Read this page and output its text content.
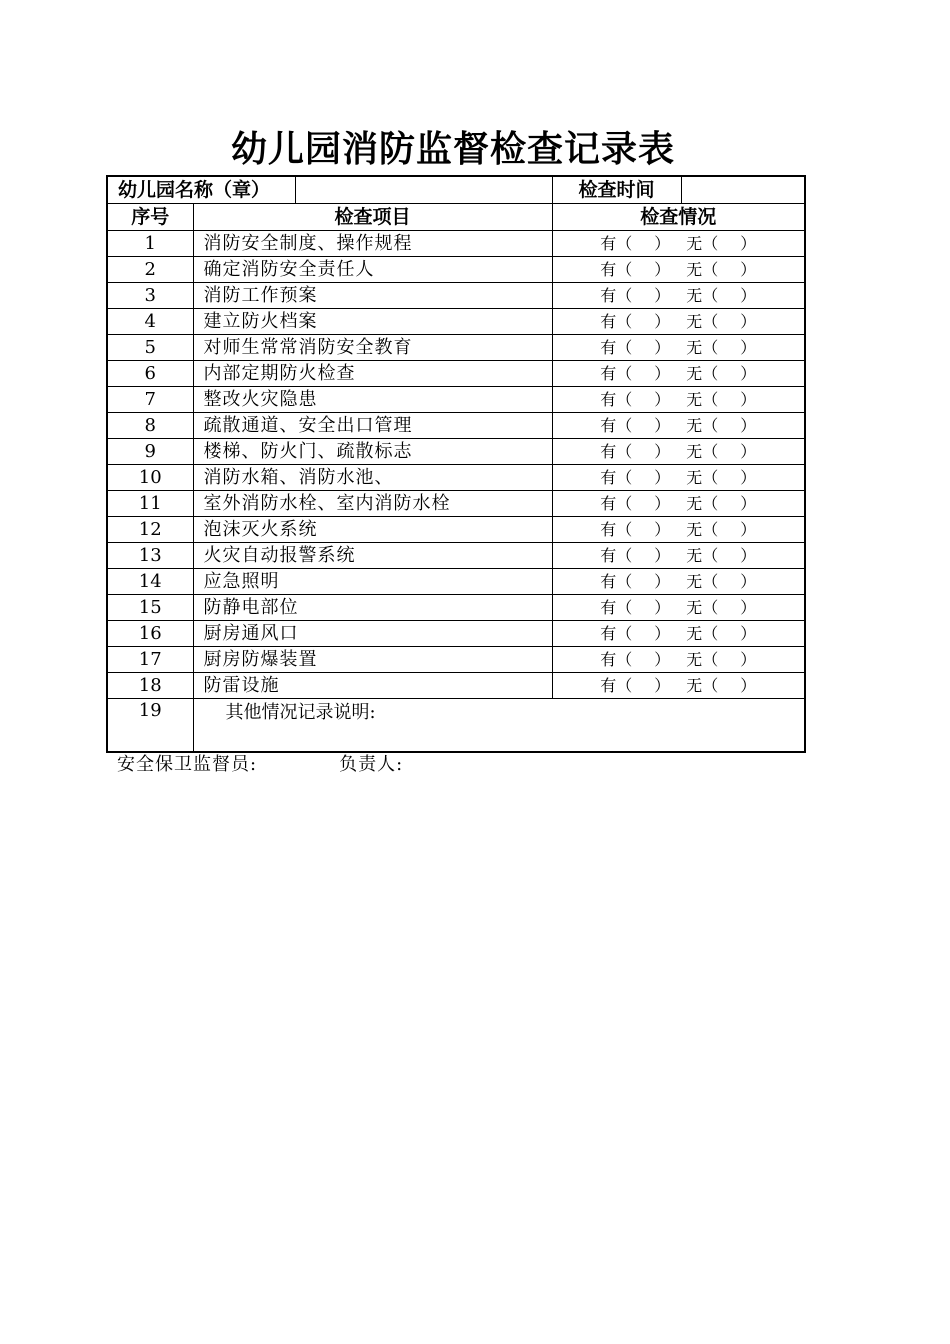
幼儿园消防监督检查记录表
幼儿园名称（章）			检查时间	
序号	检查项目		检查情况	
1	消防安全制度、操作规程		有（ ） 无（ ）	
2	确定消防安全责任人		有（ ） 无（ ）	
3	消防工作预案		有（ ） 无（ ）	
4	建立防火档案		有（ ） 无（ ）	
5	对师生常常消防安全教育		有（ ） 无（ ）	
6	内部定期防火检查		有（ ） 无（ ）	
7	整改火灾隐患		有（ ） 无（ ）	
8	疏散通道、安全出口管理		有（ ） 无（ ）	
9	楼梯、防火门、疏散标志		有（ ） 无（ ）	
10	消防水箱、消防水池、		有（ ） 无（ ）	
11	室外消防水栓、室内消防水栓		有（ ） 无（ ）	
12	泡沫灭火系统		有（ ） 无（ ）	
13	火灾自动报警系统		有（ ） 无（ ）	
14	应急照明		有（ ） 无（ ）	
15	防静电部位		有（ ） 无（ ）	
16	厨房通风口		有（ ） 无（ ）	
17	厨房防爆装置		有（ ） 无（ ）	
18	防雷设施		有（ ） 无（ ）	
19	其他情况记录说明:			
安全保卫监督员:	负责人:
